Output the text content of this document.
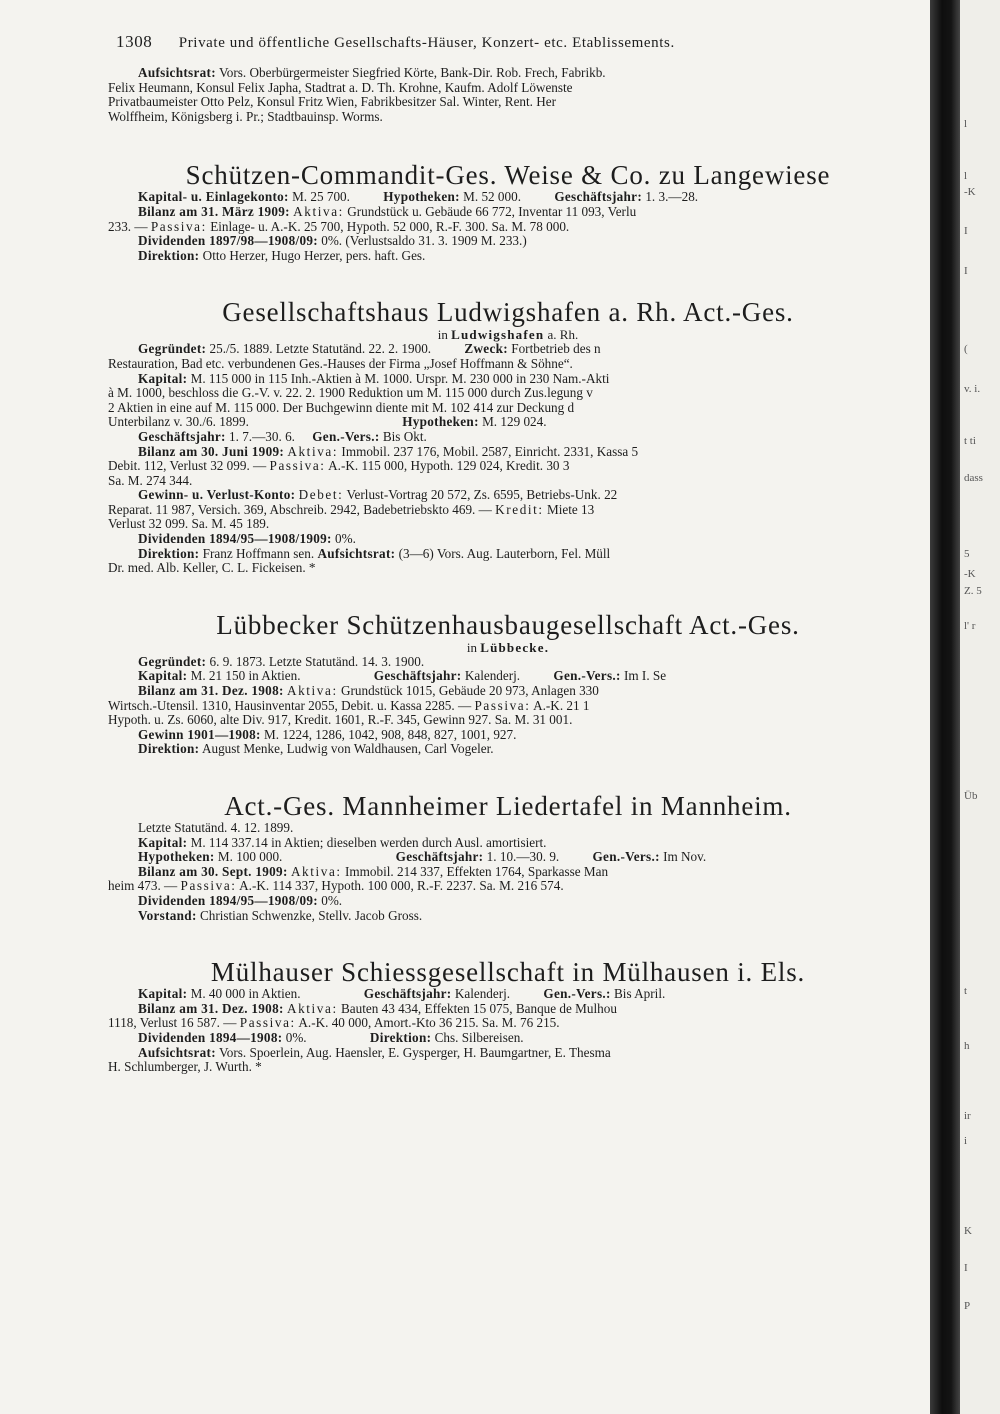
1308 Private und öffentliche Gesellschafts-Häuser, Konzert- etc. Etablissements.

Aufsichtsrat: Vors. Oberbürgermeister Siegfried Körte, Bank-Dir. Rob. Frech, Fabrikb.

Felix Heumann, Konsul Felix Japha, Stadtrat a. D. Th. Krohne, Kaufm. Adolf Löwenste

Privatbaumeister Otto Pelz, Konsul Fritz Wien, Fabrikbesitzer Sal. Winter, Rent. Her

Wolffheim, Königsberg i. Pr.; Stadtbauinsp. Worms.

Schützen-Commandit-Ges. Weise & Co. zu Langewiese

Kapital- u. Einlagekonto: M. 25 700.	Hypotheken: M. 52 000.	Geschäftsjahr: 1. 3.—28.

Bilanz am 31. März 1909: Aktiva: Grundstück u. Gebäude 66 772, Inventar 11 093, Verlu

233. — Passiva: Einlage- u. A.-K. 25 700, Hypoth. 52 000, R.-F. 300. Sa. M. 78 000.

Dividenden 1897/98—1908/09: 0%. (Verlustsaldo 31. 3. 1909 M. 233.)

Direktion: Otto Herzer, Hugo Herzer, pers. haft. Ges.

Gesellschaftshaus Ludwigshafen a. Rh. Act.-Ges.

in Ludwigshafen a. Rh.

Gegründet: 25./5. 1889. Letzte Statutänd. 22. 2. 1900.	Zweck: Fortbetrieb des n

Restauration, Bad etc. verbundenen Ges.-Hauses der Firma „Josef Hoffmann & Söhne“.

Kapital: M. 115 000 in 115 Inh.-Aktien à M. 1000. Urspr. M. 230 000 in 230 Nam.-Akti

à M. 1000, beschloss die G.-V. v. 22. 2. 1900 Reduktion um M. 115 000 durch Zus.legung v

2 Aktien in eine auf M. 115 000. Der Buchgewinn diente mit M. 102 414 zur Deckung d

Unterbilanz v. 30./6. 1899.	Hypotheken: M. 129 024.

Geschäftsjahr: 1. 7.—30. 6. Gen.-Vers.: Bis Okt.

Bilanz am 30. Juni 1909: Aktiva: Immobil. 237 176, Mobil. 2587, Einricht. 2331, Kassa 5

Debit. 112, Verlust 32 099. — Passiva: A.-K. 115 000, Hypoth. 129 024, Kredit. 30 3

Sa. M. 274 344.

Gewinn- u. Verlust-Konto: Debet: Verlust-Vortrag 20 572, Zs. 6595, Betriebs-Unk. 22

Reparat. 11 987, Versich. 369, Abschreib. 2942, Badebetriebskto 469. — Kredit: Miete 13

Verlust 32 099. Sa. M. 45 189.

Dividenden 1894/95—1908/1909: 0%.

Direktion: Franz Hoffmann sen. Aufsichtsrat: (3—6) Vors. Aug. Lauterborn, Fel. Müll

Dr. med. Alb. Keller, C. L. Fickeisen. *

Lübbecker Schützenhausbaugesellschaft Act.-Ges.

in Lübbecke.

Gegründet: 6. 9. 1873. Letzte Statutänd. 14. 3. 1900.

Kapital: M. 21 150 in Aktien.	Geschäftsjahr: Kalenderj.	Gen.-Vers.: Im I. Se

Bilanz am 31. Dez. 1908: Aktiva: Grundstück 1015, Gebäude 20 973, Anlagen 330

Wirtsch.-Utensil. 1310, Hausinventar 2055, Debit. u. Kassa 2285. — Passiva: A.-K. 21 1

Hypoth. u. Zs. 6060, alte Div. 917, Kredit. 1601, R.-F. 345, Gewinn 927. Sa. M. 31 001.

Gewinn 1901—1908: M. 1224, 1286, 1042, 908, 848, 827, 1001, 927.

Direktion: August Menke, Ludwig von Waldhausen, Carl Vogeler.

Act.-Ges. Mannheimer Liedertafel in Mannheim.

Letzte Statutänd. 4. 12. 1899.

Kapital: M. 114 337.14 in Aktien; dieselben werden durch Ausl. amortisiert.

Hypotheken: M. 100 000.	Geschäftsjahr: 1. 10.—30. 9.	Gen.-Vers.: Im Nov.

Bilanz am 30. Sept. 1909: Aktiva: Immobil. 214 337, Effekten 1764, Sparkasse Man

heim 473. — Passiva: A.-K. 114 337, Hypoth. 100 000, R.-F. 2237. Sa. M. 216 574.

Dividenden 1894/95—1908/09: 0%.

Vorstand: Christian Schwenzke, Stellv. Jacob Gross.

Mülhauser Schiessgesellschaft in Mülhausen i. Els.

Kapital: M. 40 000 in Aktien.	Geschäftsjahr: Kalenderj.	Gen.-Vers.: Bis April.

Bilanz am 31. Dez. 1908: Aktiva: Bauten 43 434, Effekten 15 075, Banque de Mulhou

1118, Verlust 16 587. — Passiva: A.-K. 40 000, Amort.-Kto 36 215. Sa. M. 76 215.

Dividenden 1894—1908: 0%.	Direktion: Chs. Silbereisen.

Aufsichtsrat: Vors. Spoerlein, Aug. Haensler, E. Gysperger, H. Baumgartner, E. Thesma

H. Schlumberger, J. Wurth. *

l
l
-K
I
I
(
v. i.
t ti
dass
5
-K
Z. 5
l' r
Üb
t
h
ir
i
K
I
P
